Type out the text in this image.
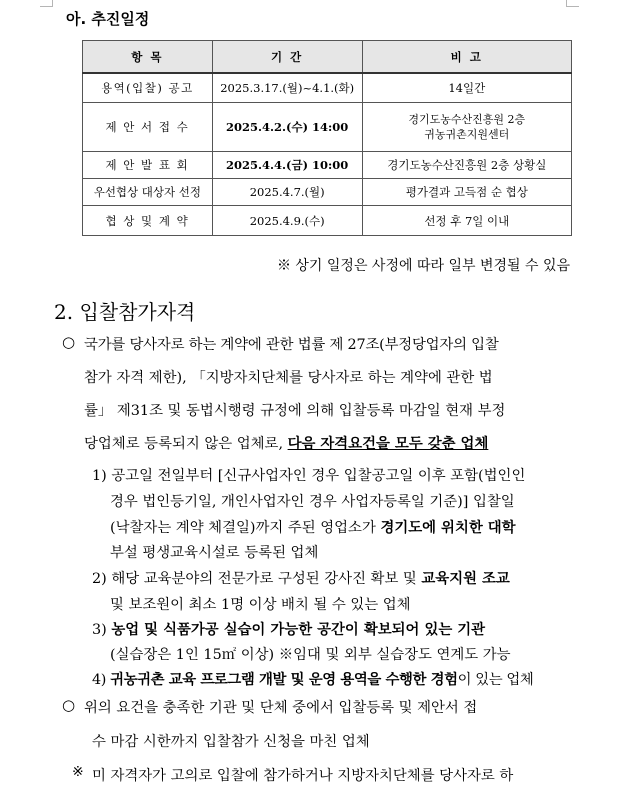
아. 추진일정
항 목	기 간	비 고
용역(입찰) 공고	2025.3.17.(월)~4.1.(화)	14일간
제 안 서 접 수	2025.4.2.(수) 14:00	경기도농수산진흥원 2층
귀농귀촌지원센터

제 안 발 표 회	2025.4.4.(금) 10:00	경기도농수산진흥원 2층 상황실
우선협상 대상자 선정	2025.4.7.(월)	평가결과 고득점 순 협상
협 상 및 계 약	2025.4.9.(수)	선정 후 7일 이내
※ 상기 일정은 사정에 따라 일부 변경될 수 있음
2. 입찰참가자격
○ 국가를 당사자로 하는 계약에 관한 법률 제 27조(부정당업자의 입찰
참가 자격 제한), 「지방자치단체를 당사자로 하는 계약에 관한 법
률」 제31조 및 동법시행령 규정에 의해 입찰등록 마감일 현재 부정
당업체로 등록되지 않은 업체로, 다음 자격요건을 모두 갖춘 업체
1) 공고일 전일부터 [신규사업자인 경우 입찰공고일 이후 포함(법인인
경우 법인등기일, 개인사업자인 경우 사업자등록일 기준)] 입찰일
(낙찰자는 계약 체결일)까지 주된 영업소가 경기도에 위치한 대학
부설 평생교육시설로 등록된 업체
2) 해당 교육분야의 전문가로 구성된 강사진 확보 및 교육지원 조교
및 보조원이 최소 1명 이상 배치 될 수 있는 업체
3) 농업 및 식품가공 실습이 가능한 공간이 확보되어 있는 기관
(실습장은 1인 15㎡ 이상) ※임대 및 외부 실습장도 연계도 가능
4) 귀농귀촌 교육 프로그램 개발 및 운영 용역을 수행한 경험이 있는 업체
○ 위의 요건을 충족한 기관 및 단체 중에서 입찰등록 및 제안서 접
수 마감 시한까지 입찰참가 신청을 마친 업체
※ 미 자격자가 고의로 입찰에 참가하거나 지방자치단체를 당사자로 하
